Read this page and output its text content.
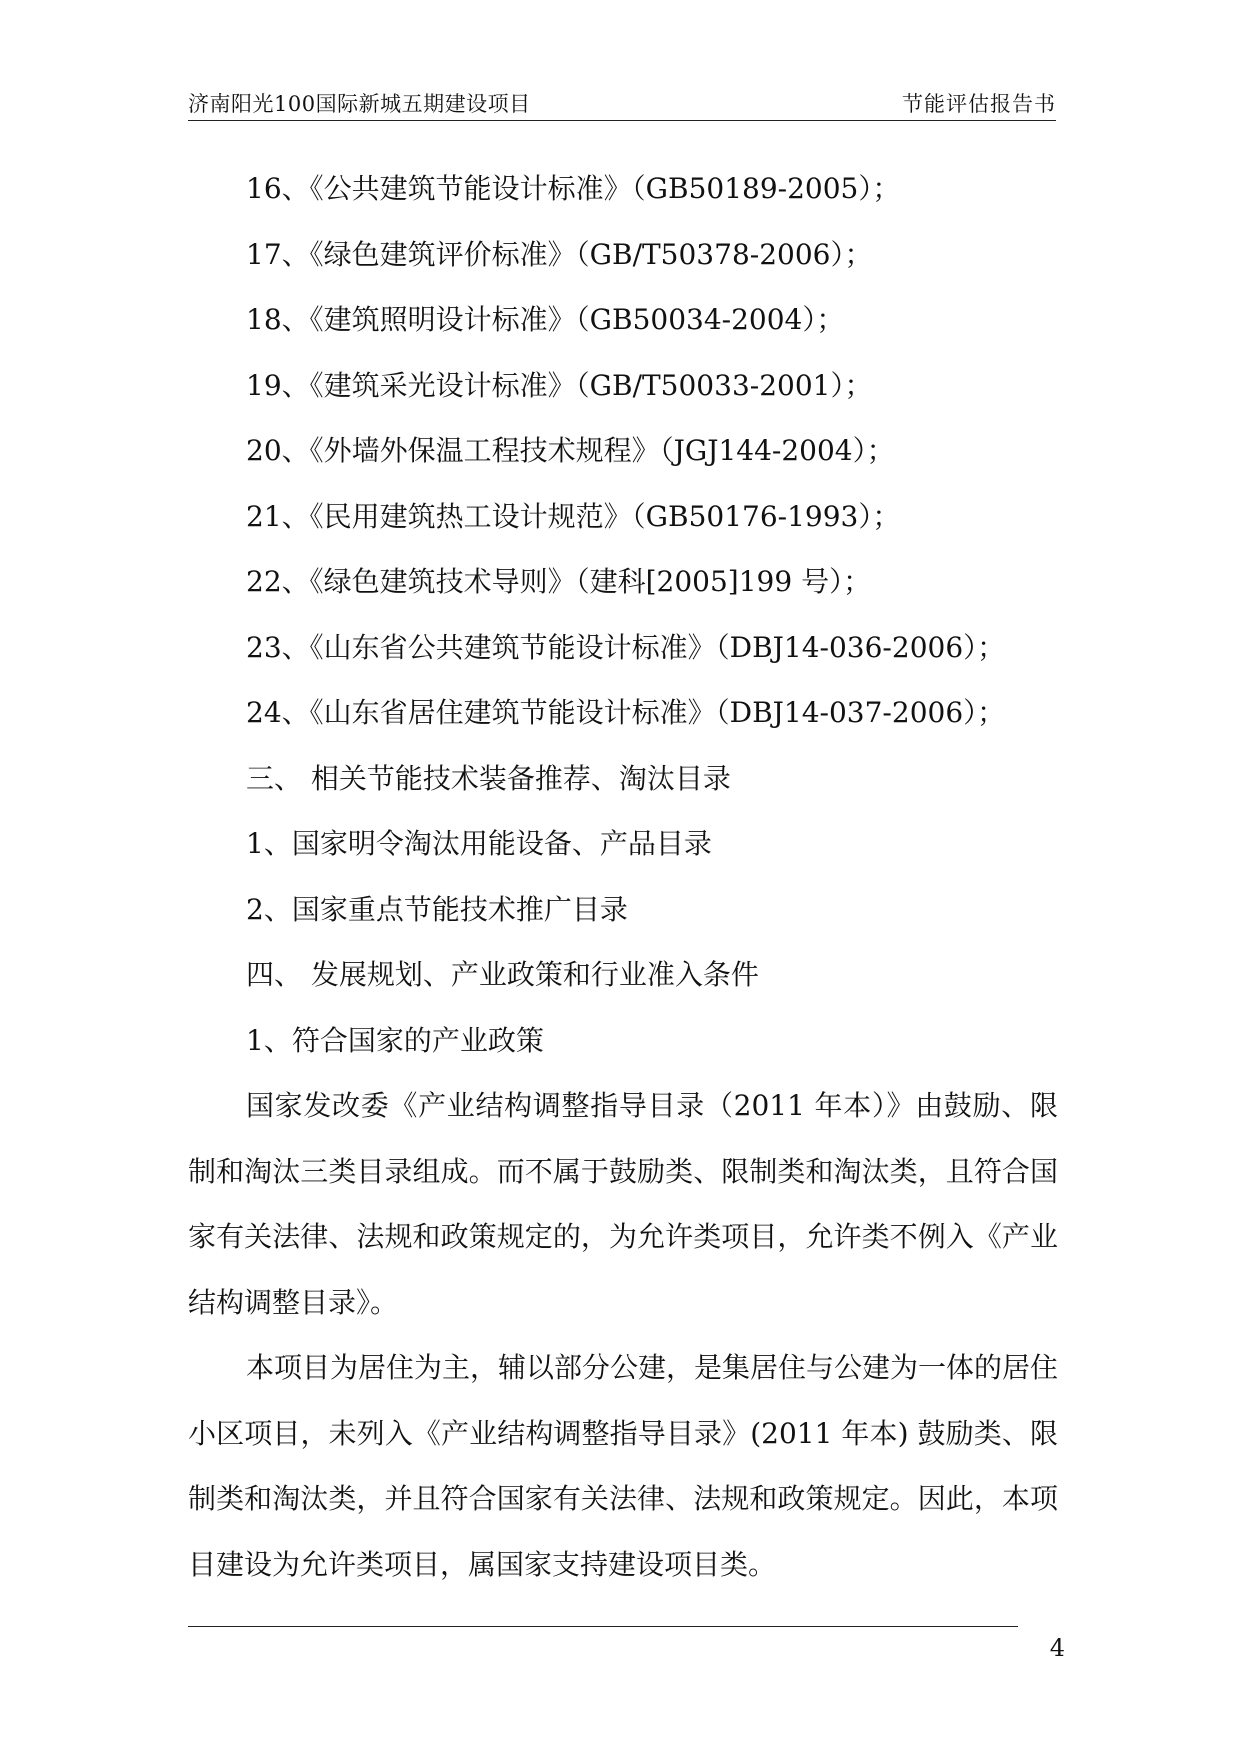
济南阳光100国际新城五期建设项目	节能评估报告书
16、《公共建筑节能设计标准》（GB50189-2005）；
17、《绿色建筑评价标准》（GB/T50378-2006）；
18、《建筑照明设计标准》（GB50034-2004）；
19、《建筑采光设计标准》（GB/T50033-2001）；
20、《外墙外保温工程技术规程》（JGJ144-2004）；
21、《民用建筑热工设计规范》（GB50176-1993）；
22、《绿色建筑技术导则》（建科[2005]199 号）；
23、《山东省公共建筑节能设计标准》（DBJ14-036-2006）；
24、《山东省居住建筑节能设计标准》（DBJ14-037-2006）；
三、 相关节能技术装备推荐、淘汰目录
1、国家明令淘汰用能设备、产品目录
2、国家重点节能技术推广目录
四、 发展规划、产业政策和行业准入条件
1、符合国家的产业政策

国家发改委《产业结构调整指导目录（2011 年本）》由鼓励、限制和淘汰三类目录组成。而不属于鼓励类、限制类和淘汰类，且符合国家有关法律、法规和政策规定的，为允许类项目，允许类不例入《产业结构调整目录》。

本项目为居住为主，辅以部分公建，是集居住与公建为一体的居住小区项目，未列入《产业结构调整指导目录》(2011 年本) 鼓励类、限制类和淘汰类，并且符合国家有关法律、法规和政策规定。因此，本项目建设为允许类项目，属国家支持建设项目类。

4
